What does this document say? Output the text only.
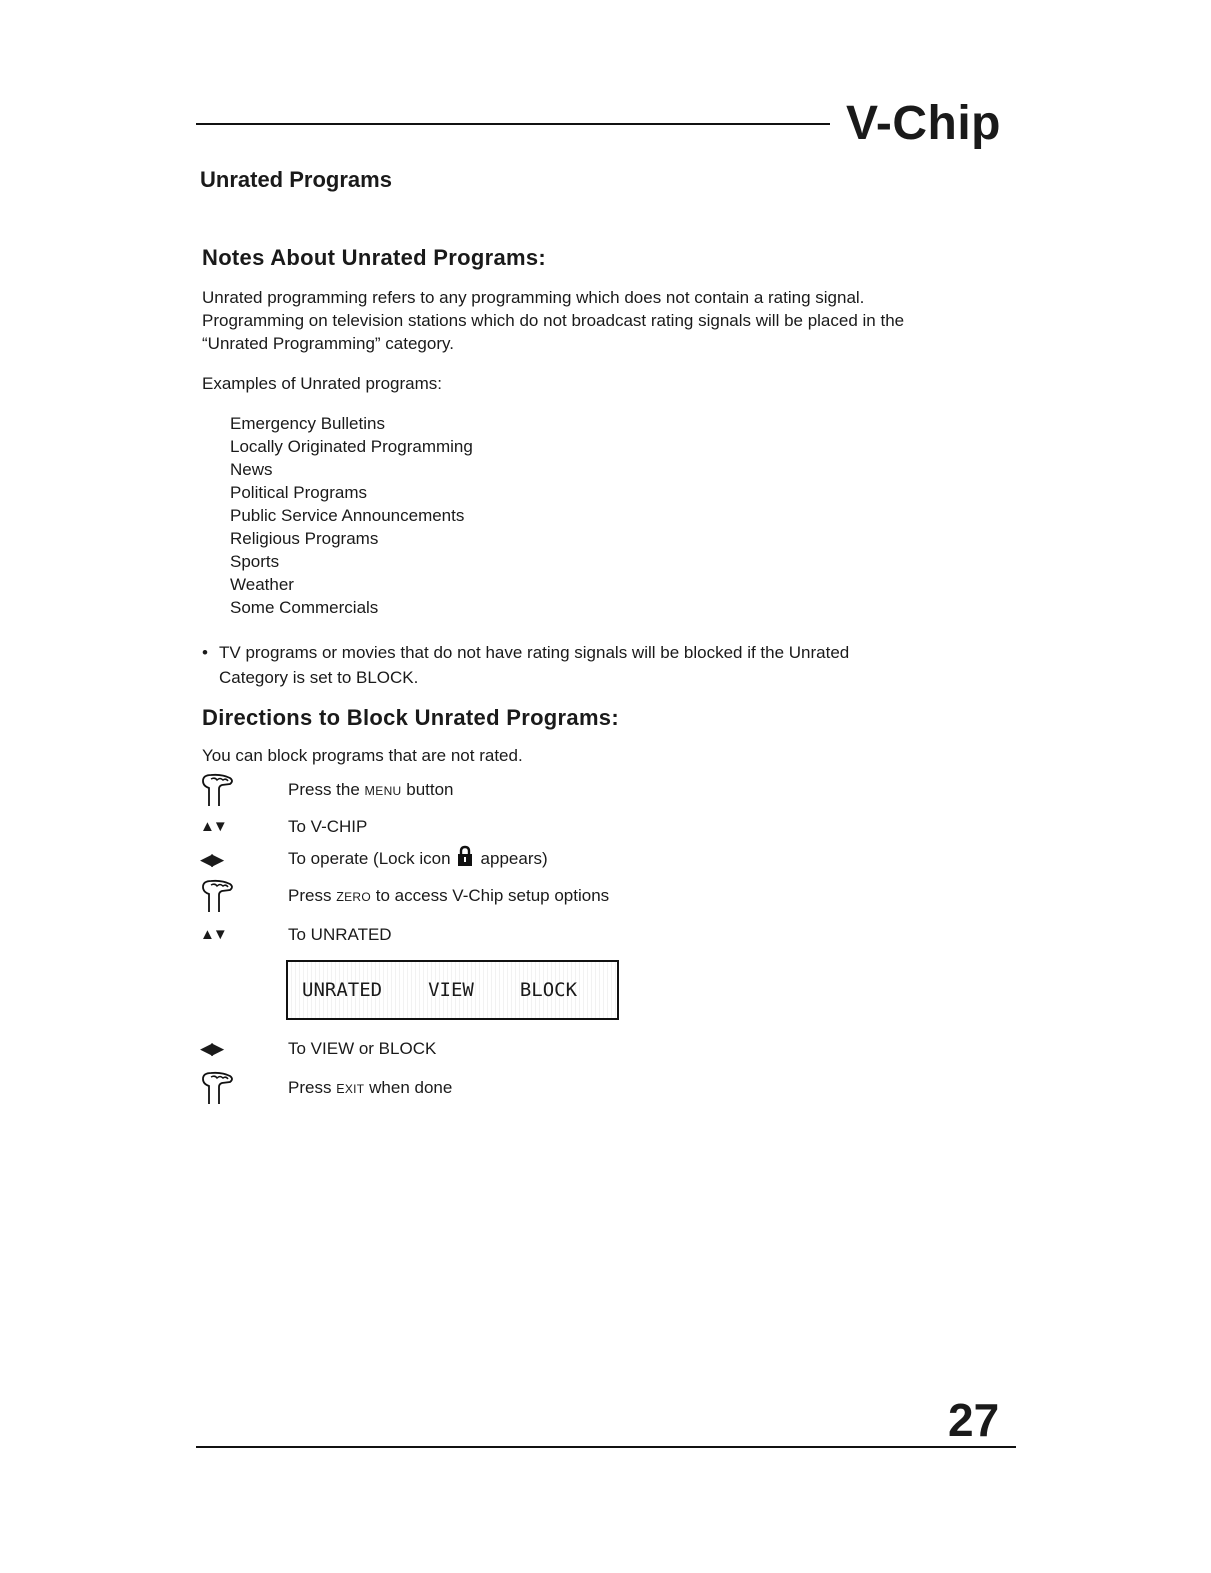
V-Chip
Unrated Programs
Notes About Unrated Programs:

Unrated programming refers to any programming which does not contain a rating signal.

Programming on television stations which do not broadcast rating signals will be placed in the

“Unrated Programming” category.

Examples of Unrated programs:

Emergency Bulletins
Locally Originated Programming
News
Political Programs
Public Service Announcements
Religious Programs
Sports
Weather
Some Commercials
• TV programs or movies that do not have rating signals will be blocked if the Unrated
Category is set to BLOCK.
Directions to Block Unrated Programs:

You can block programs that are not rated.

Press the MENU button
▲▼	To V-CHIP
◀▶	To operate (Lock icon appears)
Press ZERO to access V-Chip setup options
▲▼	To UNRATED
UNRATED VIEW BLOCK
◀▶	To VIEW or BLOCK
Press EXIT when done
27
